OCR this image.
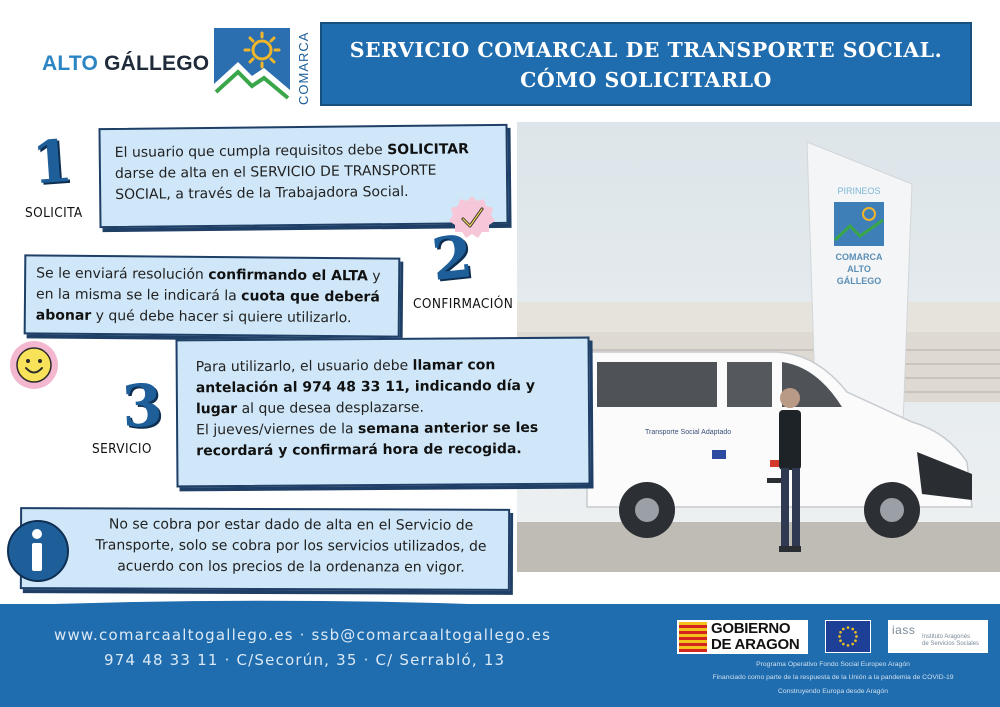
ALTO GÁLLEGO	COMARCA	SERVICIO COMARCAL DE TRANSPORTE SOCIAL.
CÓMO SOLICITARLO
PIRINEOS
COMARCA
ALTO
GÁLLEGO
Transporte Social Adaptado
1
SOLICITA

El usuario que cumpla requisitos debe SOLICITAR darse de alta en el SERVICIO DE TRANSPORTE SOCIAL, a través de la Trabajadora Social.

2
CONFIRMACIÓN

Se le enviará resolución confirmando el ALTA y en la misma se le indicará la cuota que deberá abonar y qué debe hacer si quiere utilizarlo.

3
SERVICIO

Para utilizarlo, el usuario debe llamar con antelación al 974 48 33 11, indicando día y lugar al que desea desplazarse.
El jueves/viernes de la semana anterior se les recordará y confirmará hora de recogida.

No se cobra por estar dado de alta en el Servicio de Transporte, solo se cobra por los servicios utilizados, de acuerdo con los precios de la ordenanza en vigor.

www.comarcaaltogallego.es · ssb@comarcaaltogallego.es
974 48 33 11 · C/Secorún, 35 · C/ Serrabló, 13
GOBIERNO
DE ARAGON
iass Instituto Aragonés
de Servicios Sociales
Programa Operativo Fondo Social Europeo Aragón
Financiado como parte de la respuesta de la Unión a la pandemia de COVID-19
Construyendo Europa desde Aragón
